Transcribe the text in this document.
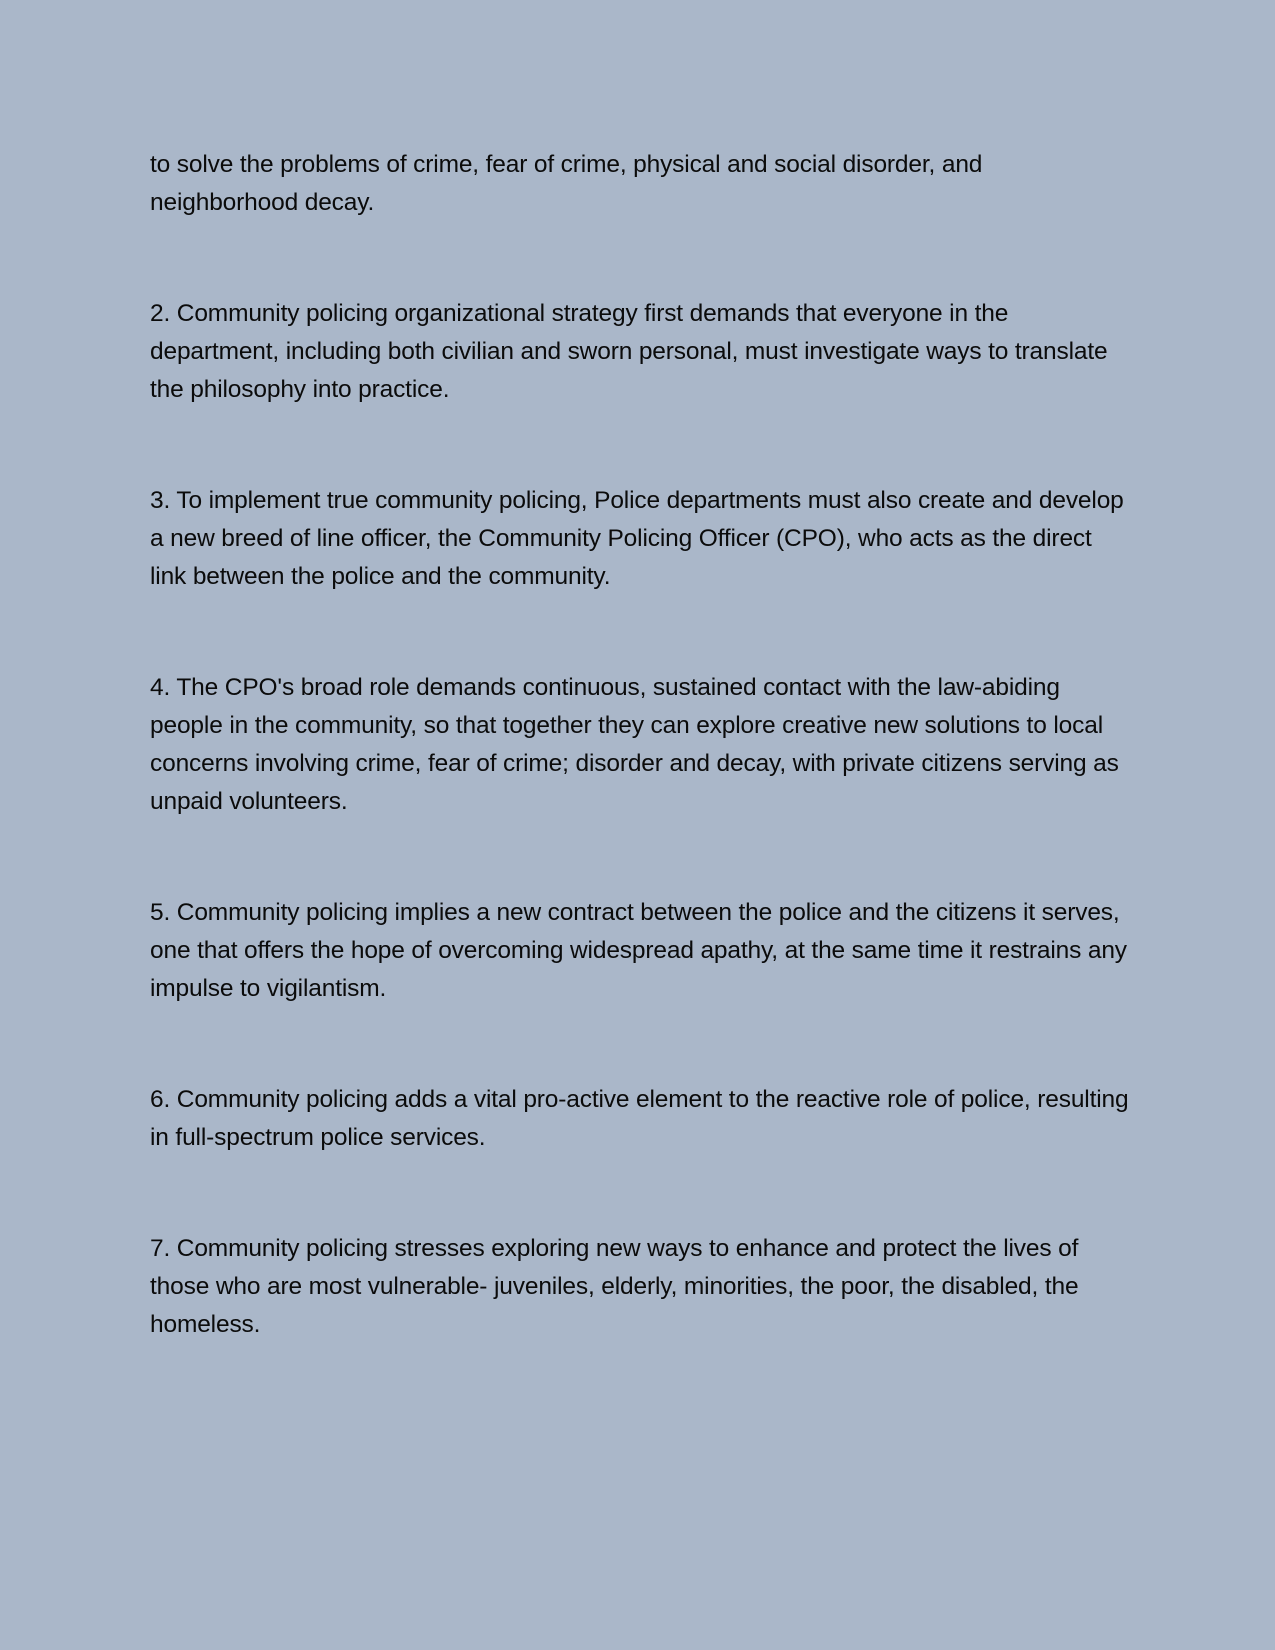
to solve the problems of crime, fear of crime, physical and social disorder, and neighborhood decay.

2. Community policing organizational strategy first demands that everyone in the department, including both civilian and sworn personal, must investigate ways to translate the philosophy into practice.

3. To implement true community policing, Police departments must also create and develop a new breed of line officer, the Community Policing Officer (CPO), who acts as the direct link between the police and the community.

4. The CPO's broad role demands continuous, sustained contact with the law-abiding people in the community, so that together they can explore creative new solutions to local concerns involving crime, fear of crime; disorder and decay, with private citizens serving as unpaid volunteers.

5. Community policing implies a new contract between the police and the citizens it serves, one that offers the hope of overcoming widespread apathy, at the same time it restrains any impulse to vigilantism.

6. Community policing adds a vital pro-active element to the reactive role of police, resulting in full-spectrum police services.

7. Community policing stresses exploring new ways to enhance and protect the lives of those who are most vulnerable- juveniles, elderly, minorities, the poor, the disabled, the homeless.
